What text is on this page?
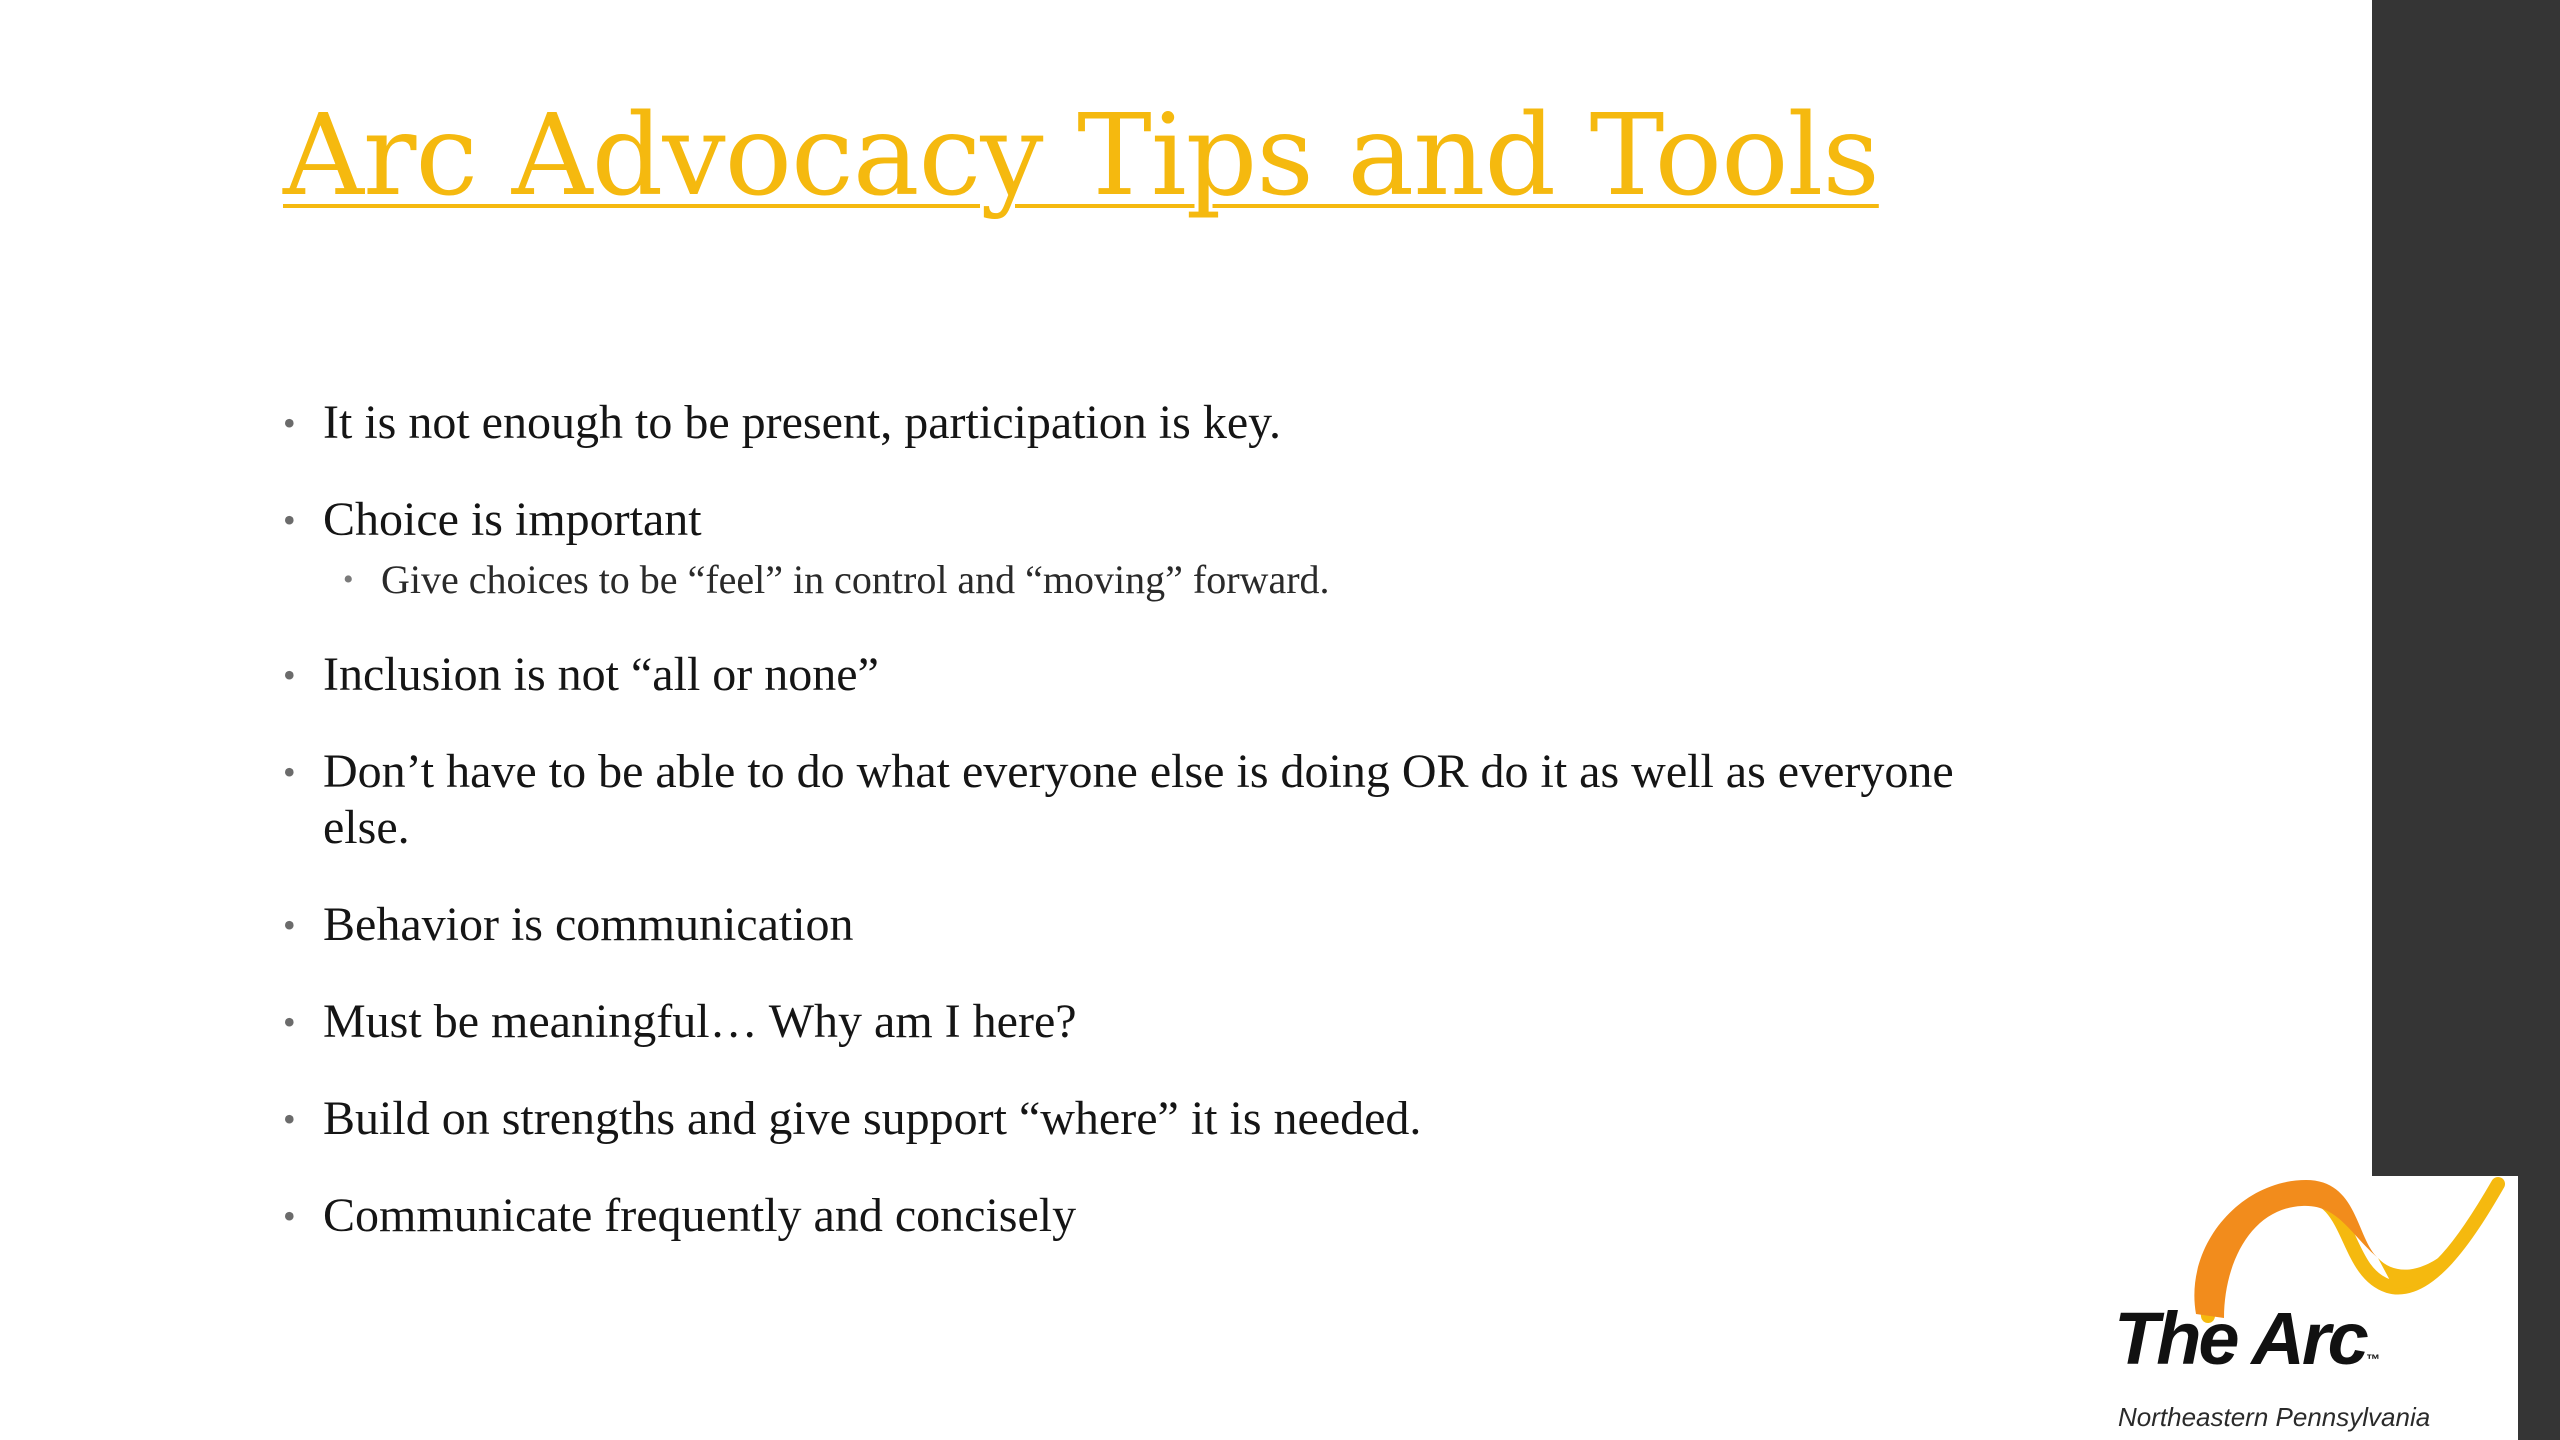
Arc Advocacy Tips and Tools
• It is not enough to be present, participation is key.
• Choice is important
• Give choices to be “feel” in control and “moving” forward.
• Inclusion is not “all or none”
• Don’t have to be able to do what everyone else is doing OR do it as well as everyone else.
• Behavior is communication
• Must be meaningful… Why am I here?
• Build on strengths and give support “where” it is needed.
• Communicate frequently and concisely
The Arc™
Northeastern Pennsylvania
